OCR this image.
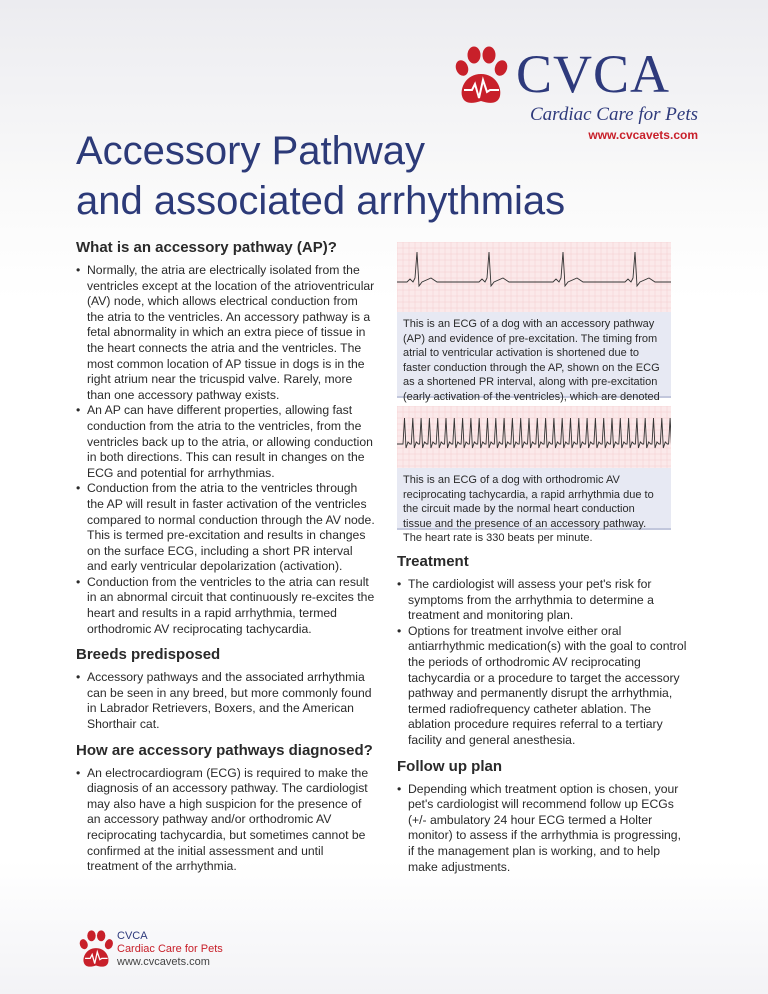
CVCA
Cardiac Care for Pets
www.cvcavets.com
Accessory Pathway
and associated arrhythmias
What is an accessory pathway (AP)?
• Normally, the atria are electrically isolated from the ventricles except at the location of the atrioventricular (AV) node, which allows electrical conduction from the atria to the ventricles. An accessory pathway is a fetal abnormality in which an extra piece of tissue in the heart connects the atria and the ventricles. The most common location of AP tissue in dogs is in the right atrium near the tricuspid valve. Rarely, more than one accessory pathway exists.
• An AP can have different properties, allowing fast conduction from the atria to the ventricles, from the ventricles back up to the atria, or allowing conduction in both directions. This can result in changes on the ECG and potential for arrhythmias.
• Conduction from the atria to the ventricles through the AP will result in faster activation of the ventricles compared to normal conduction through the AV node. This is termed pre-excitation and results in changes on the surface ECG, including a short PR interval and early ventricular depolarization (activation).
• Conduction from the ventricles to the atria can result in an abnormal circuit that continuously re-excites the heart and results in a rapid arrhythmia, termed orthodromic AV reciprocating tachycardia.
Breeds predisposed
• Accessory pathways and the associated arrhythmia can be seen in any breed, but more commonly found in Labrador Retrievers, Boxers, and the American Shorthair cat.
How are accessory pathways diagnosed?
• An electrocardiogram (ECG) is required to make the diagnosis of an accessory pathway. The cardiologist may also have a high suspicion for the presence of an accessory pathway and/or orthodromic AV reciprocating tachycardia, but sometimes cannot be confirmed at the initial assessment and until treatment of the arrhythmia.
This is an ECG of a dog with an accessory pathway (AP) and evidence of pre-excitation. The timing from atrial to ventricular activation is shortened due to faster conduction through the AP, shown on the ECG as a shortened PR interval, along with pre-excitation (early activation of the ventricles), which are denoted
This is an ECG of a dog with orthodromic AV reciprocating tachycardia, a rapid arrhythmia due to the circuit made by the normal heart conduction tissue and the presence of an accessory pathway. The heart rate is 330 beats per minute.
Treatment
• The cardiologist will assess your pet's risk for symptoms from the arrhythmia to determine a treatment and monitoring plan.
• Options for treatment involve either oral antiarrhythmic medication(s) with the goal to control the periods of orthodromic AV reciprocating tachycardia or a procedure to target the accessory pathway and permanently disrupt the arrhythmia, termed radiofrequency catheter ablation. The ablation procedure requires referral to a tertiary facility and general anesthesia.
Follow up plan
• Depending which treatment option is chosen, your pet's cardiologist will recommend follow up ECGs (+/- ambulatory 24 hour ECG termed a Holter monitor) to assess if the arrhythmia is progressing, if the management plan is working, and to help make adjustments.
CVCA
Cardiac Care for Pets
www.cvcavets.com
